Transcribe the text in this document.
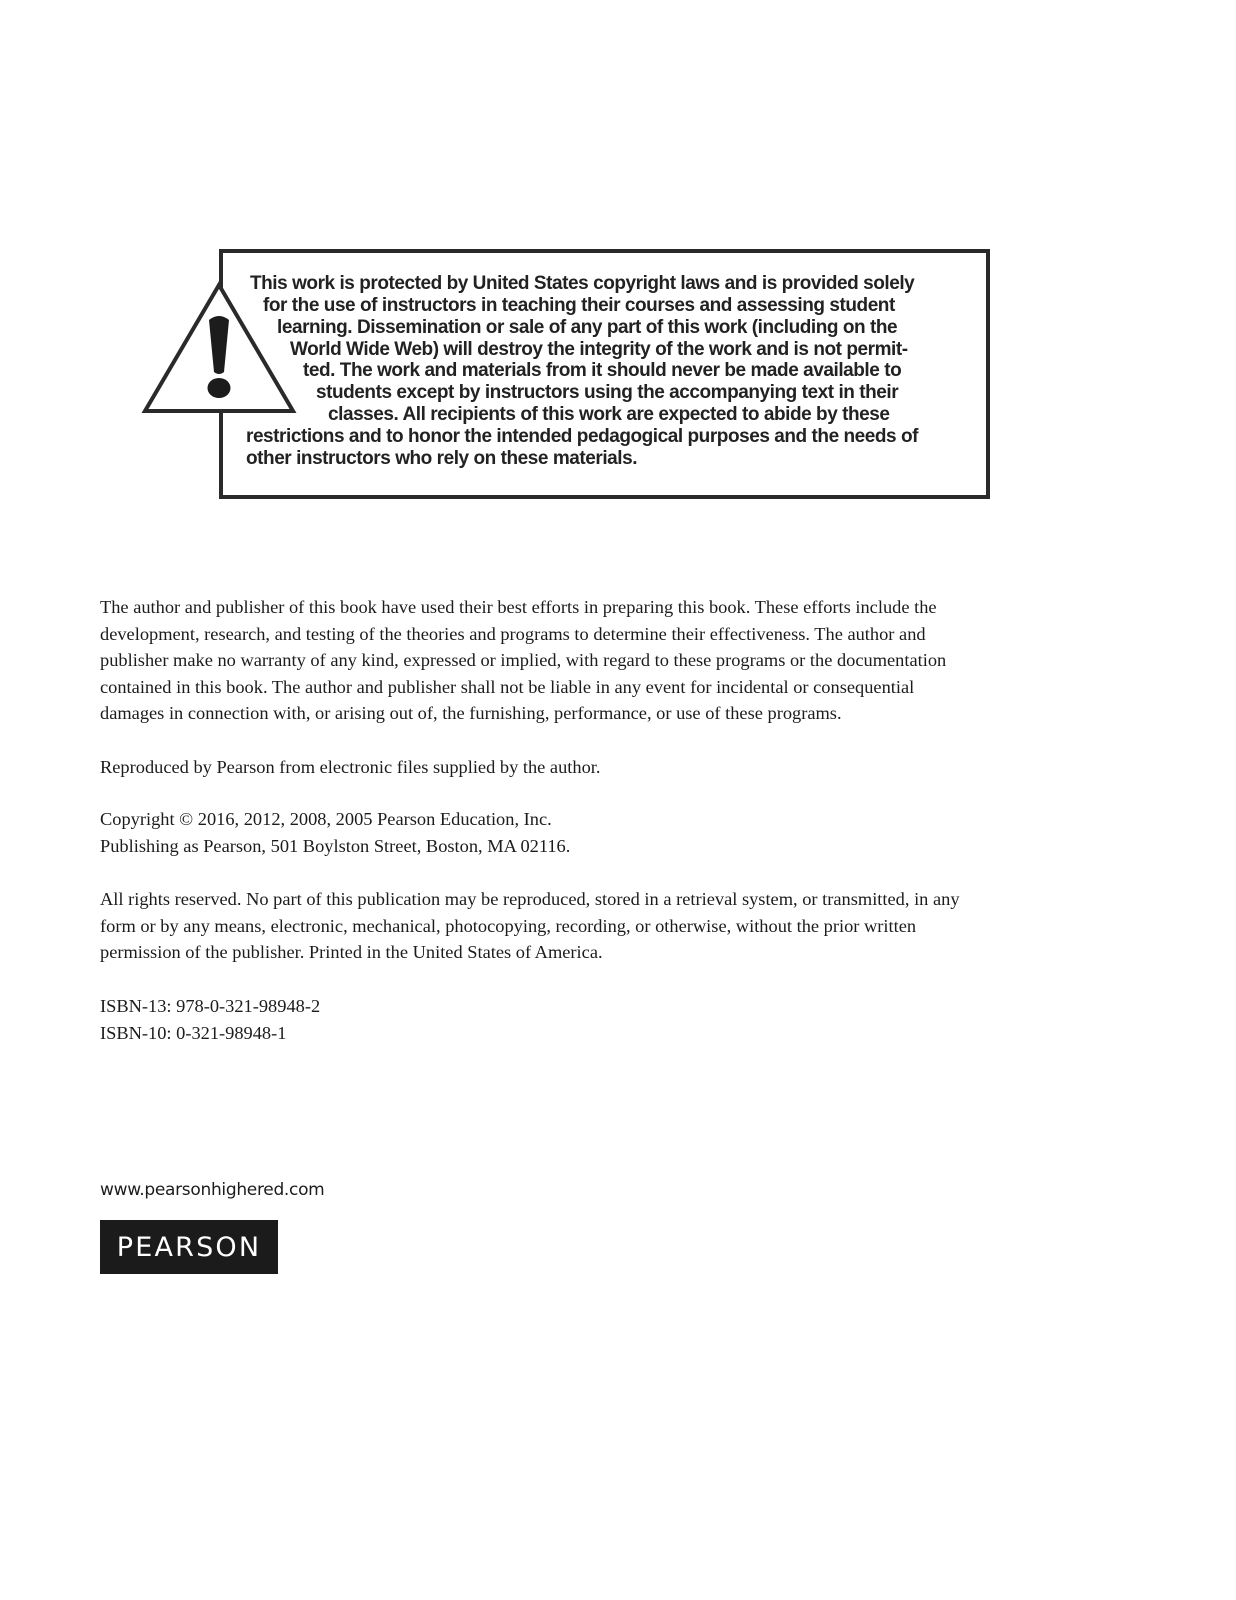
This work is protected by United States copyright laws and is provided solely
for the use of instructors in teaching their courses and assessing student
learning. Dissemination or sale of any part of this work (including on the
World Wide Web) will destroy the integrity of the work and is not permit-
ted. The work and materials from it should never be made available to
students except by instructors using the accompanying text in their
classes. All recipients of this work are expected to abide by these
restrictions and to honor the intended pedagogical purposes and the needs of
other instructors who rely on these materials.
The author and publisher of this book have used their best efforts in preparing this book. These efforts include the
development, research, and testing of the theories and programs to determine their effectiveness. The author and
publisher make no warranty of any kind, expressed or implied, with regard to these programs or the documentation
contained in this book. The author and publisher shall not be liable in any event for incidental or consequential
damages in connection with, or arising out of, the furnishing, performance, or use of these programs.
Reproduced by Pearson from electronic files supplied by the author.
Copyright © 2016, 2012, 2008, 2005 Pearson Education, Inc.
Publishing as Pearson, 501 Boylston Street, Boston, MA 02116.
All rights reserved. No part of this publication may be reproduced, stored in a retrieval system, or transmitted, in any
form or by any means, electronic, mechanical, photocopying, recording, or otherwise, without the prior written
permission of the publisher. Printed in the United States of America.
ISBN-13: 978-0-321-98948-2
ISBN-10: 0-321-98948-1
www.pearsonhighered.com
PEARSON
